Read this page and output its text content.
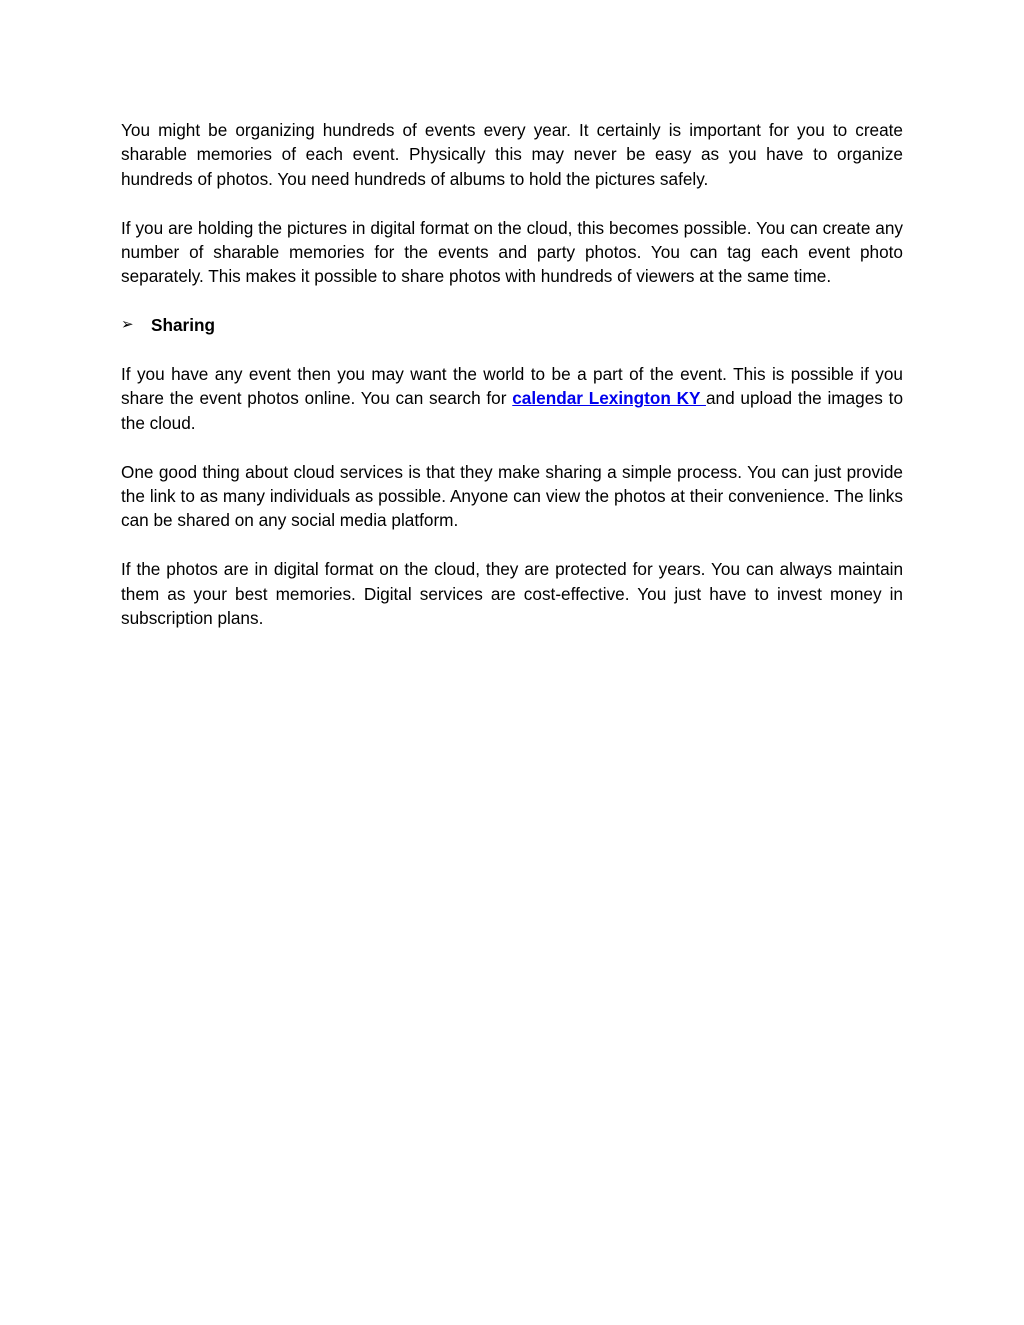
You might be organizing hundreds of events every year. It certainly is important for you to create sharable memories of each event. Physically this may never be easy as you have to organize hundreds of photos. You need hundreds of albums to hold the pictures safely.

If you are holding the pictures in digital format on the cloud, this becomes possible. You can create any number of sharable memories for the events and party photos. You can tag each event photo separately. This makes it possible to share photos with hundreds of viewers at the same time.

➢	Sharing

If you have any event then you may want the world to be a part of the event. This is possible if you share the event photos online. You can search for calendar Lexington KY and upload the images to the cloud.

One good thing about cloud services is that they make sharing a simple process. You can just provide the link to as many individuals as possible. Anyone can view the photos at their convenience. The links can be shared on any social media platform.

If the photos are in digital format on the cloud, they are protected for years. You can always maintain them as your best memories. Digital services are cost-effective. You just have to invest money in subscription plans.
